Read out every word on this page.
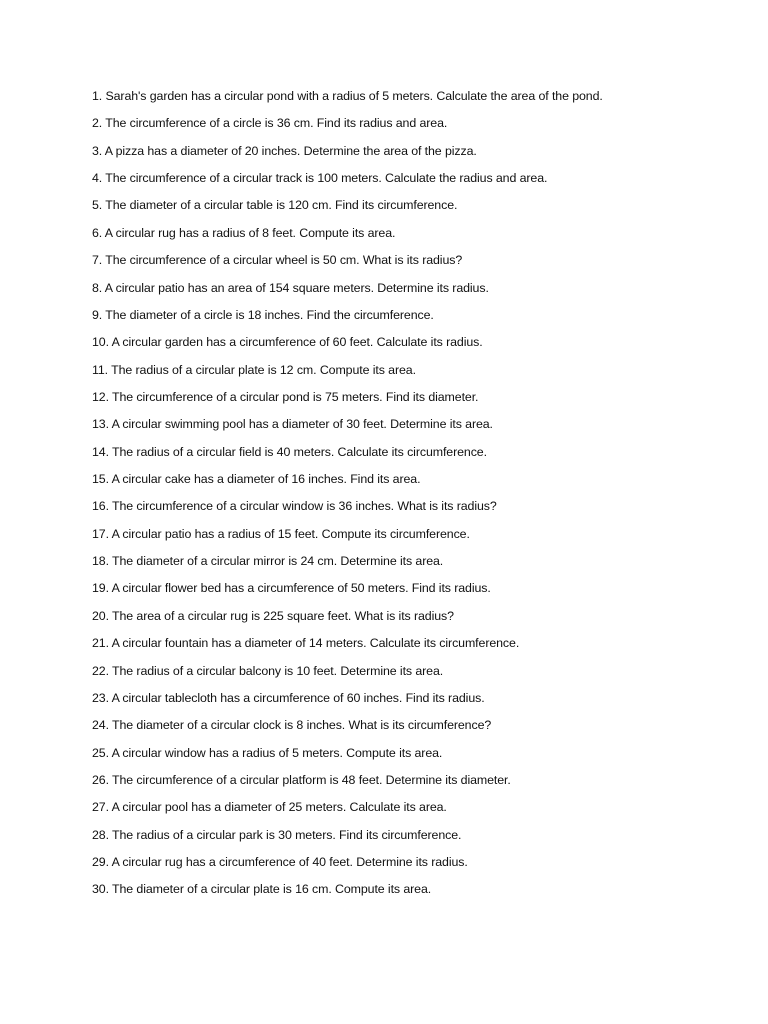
1. Sarah's garden has a circular pond with a radius of 5 meters. Calculate the area of the pond.
2. The circumference of a circle is 36 cm. Find its radius and area.
3. A pizza has a diameter of 20 inches. Determine the area of the pizza.
4. The circumference of a circular track is 100 meters. Calculate the radius and area.
5. The diameter of a circular table is 120 cm. Find its circumference.
6. A circular rug has a radius of 8 feet. Compute its area.
7. The circumference of a circular wheel is 50 cm. What is its radius?
8. A circular patio has an area of 154 square meters. Determine its radius.
9. The diameter of a circle is 18 inches. Find the circumference.
10. A circular garden has a circumference of 60 feet. Calculate its radius.
11. The radius of a circular plate is 12 cm. Compute its area.
12. The circumference of a circular pond is 75 meters. Find its diameter.
13. A circular swimming pool has a diameter of 30 feet. Determine its area.
14. The radius of a circular field is 40 meters. Calculate its circumference.
15. A circular cake has a diameter of 16 inches. Find its area.
16. The circumference of a circular window is 36 inches. What is its radius?
17. A circular patio has a radius of 15 feet. Compute its circumference.
18. The diameter of a circular mirror is 24 cm. Determine its area.
19. A circular flower bed has a circumference of 50 meters. Find its radius.
20. The area of a circular rug is 225 square feet. What is its radius?
21. A circular fountain has a diameter of 14 meters. Calculate its circumference.
22. The radius of a circular balcony is 10 feet. Determine its area.
23. A circular tablecloth has a circumference of 60 inches. Find its radius.
24. The diameter of a circular clock is 8 inches. What is its circumference?
25. A circular window has a radius of 5 meters. Compute its area.
26. The circumference of a circular platform is 48 feet. Determine its diameter.
27. A circular pool has a diameter of 25 meters. Calculate its area.
28. The radius of a circular park is 30 meters. Find its circumference.
29. A circular rug has a circumference of 40 feet. Determine its radius.
30. The diameter of a circular plate is 16 cm. Compute its area.
